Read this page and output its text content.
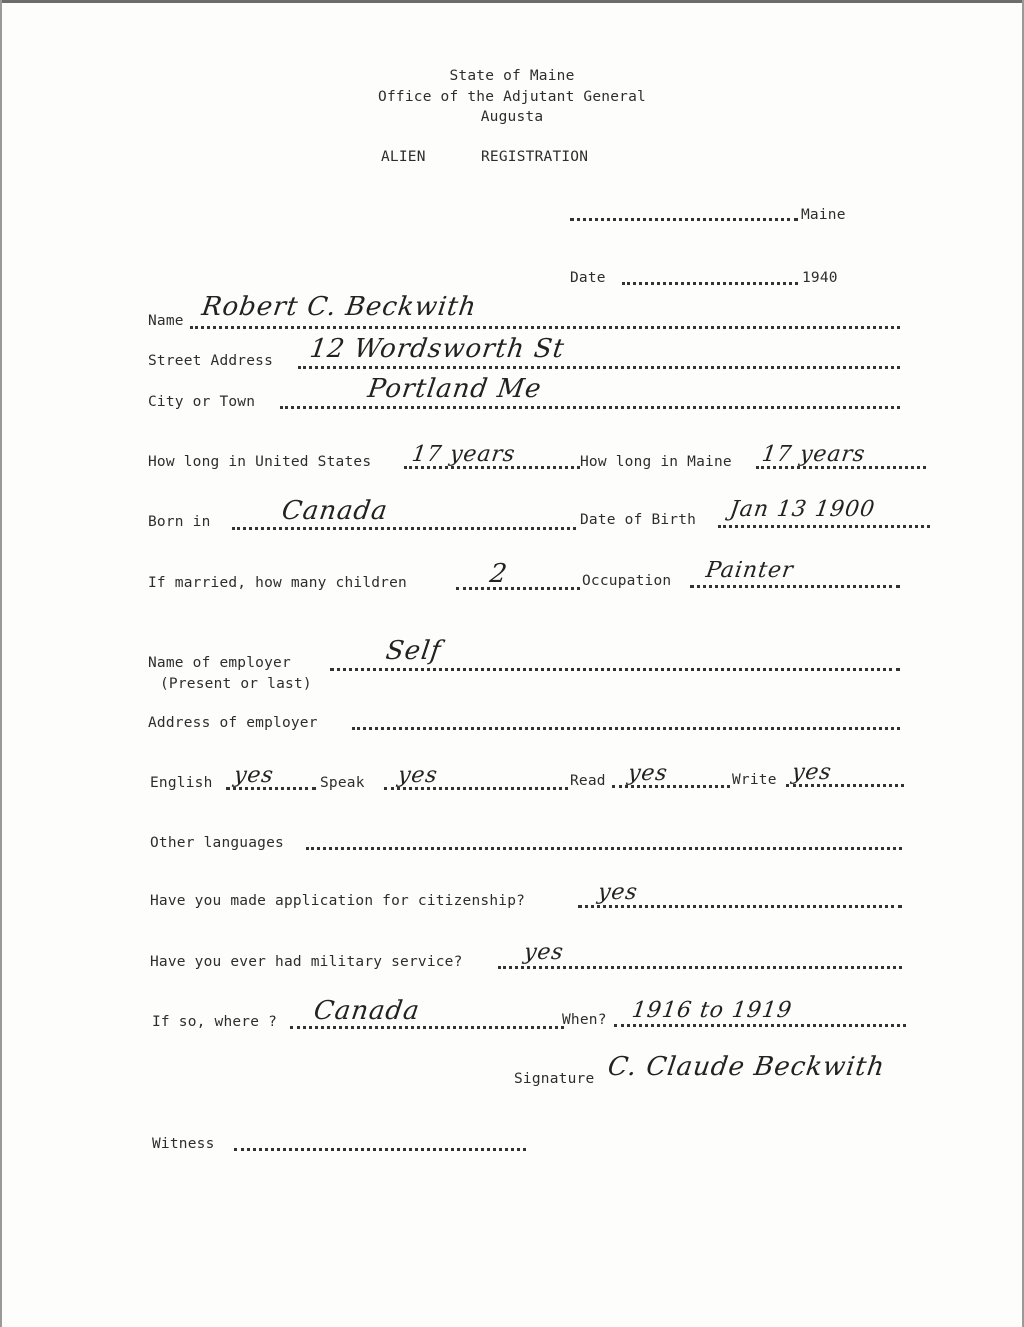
State of Maine
Office of the Adjutant General
Augusta
ALIEN	REGISTRATION
Maine
Date	1940
Name Robert C. Beckwith
Street Address 12 Wordsworth St
City or Town	Portland Me
How long in United States 17 years	How long in Maine 17 years
Born in	Canada	Date of Birth Jan 13 1900
If married, how many children	2	Occupation Painter
Name of employer	Self
(Present or last)
Address of employer
English yes	Speak yes	Read yes	Write yes
Other languages
Have you made application for citizenship?	yes
Have you ever had military service?	yes
If so, where ? Canada	When? 1916 to 1919
Signature C. Claude Beckwith
Witness
